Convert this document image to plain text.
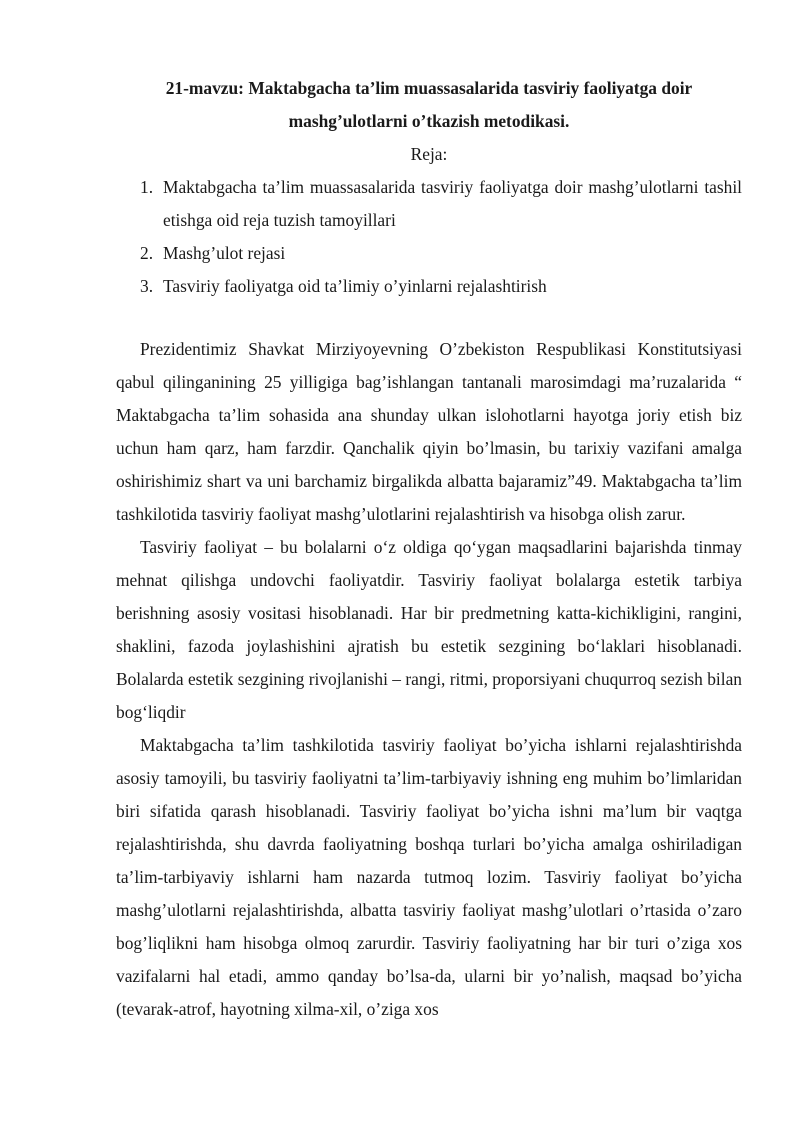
21-mavzu: Maktabgacha ta’lim muassasalarida tasviriy faoliyatga doir

mashg’ulotlarni o’tkazish metodikasi.

Reja:

1. Maktabgacha ta’lim muassasalarida tasviriy faoliyatga doir mashg’ulotlarni tashil etishga oid reja tuzish tamoyillari
2. Mashg’ulot rejasi
3. Tasviriy faoliyatga oid ta’limiy o’yinlarni rejalashtirish

Prezidentimiz Shavkat Mirziyoyevning O’zbekiston Respublikasi Konstitutsiyasi qabul qilinganining 25 yilligiga bag’ishlangan tantanali marosimdagi ma’ruzalarida “ Maktabgacha ta’lim sohasida ana shunday ulkan islohotlarni hayotga joriy etish biz uchun ham qarz, ham farzdir. Qanchalik qiyin bo’lmasin, bu tarixiy vazifani amalga oshirishimiz shart va uni barchamiz birgalikda albatta bajaramiz”49. Maktabgacha ta’lim tashkilotida tasviriy faoliyat mashg’ulotlarini rejalashtirish va hisobga olish zarur.

Tasviriy faoliyat – bu bolalarni o‘z oldiga qo‘ygan maqsadlarini bajarishda tinmay mehnat qilishga undovchi faoliyatdir. Tasviriy faoliyat bolalarga estetik tarbiya berishning asosiy vositasi hisoblanadi. Har bir predmetning katta-kichikligini, rangini, shaklini, fazoda joylashishini ajratish bu estetik sezgining bo‘laklari hisoblanadi. Bolalarda estetik sezgining rivojlanishi – rangi, ritmi, proporsiyani chuqurroq sezish bilan bog‘liqdir

Maktabgacha ta’lim tashkilotida tasviriy faoliyat bo’yicha ishlarni rejalashtirishda asosiy tamoyili, bu tasviriy faoliyatni ta’lim-tarbiyaviy ishning eng muhim bo’limlaridan biri sifatida qarash hisoblanadi. Tasviriy faoliyat bo’yicha ishni ma’lum bir vaqtga rejalashtirishda, shu davrda faoliyatning boshqa turlari bo’yicha amalga oshiriladigan ta’lim-tarbiyaviy ishlarni ham nazarda tutmoq lozim. Tasviriy faoliyat bo’yicha mashg’ulotlarni rejalashtirishda, albatta tasviriy faoliyat mashg’ulotlari o’rtasida o’zaro bog’liqlikni ham hisobga olmoq zarurdir. Tasviriy faoliyatning har bir turi o’ziga xos vazifalarni hal etadi, ammo qanday bo’lsa-da, ularni bir yo’nalish, maqsad bo’yicha (tevarak-atrof, hayotning xilma-xil, o’ziga xos
